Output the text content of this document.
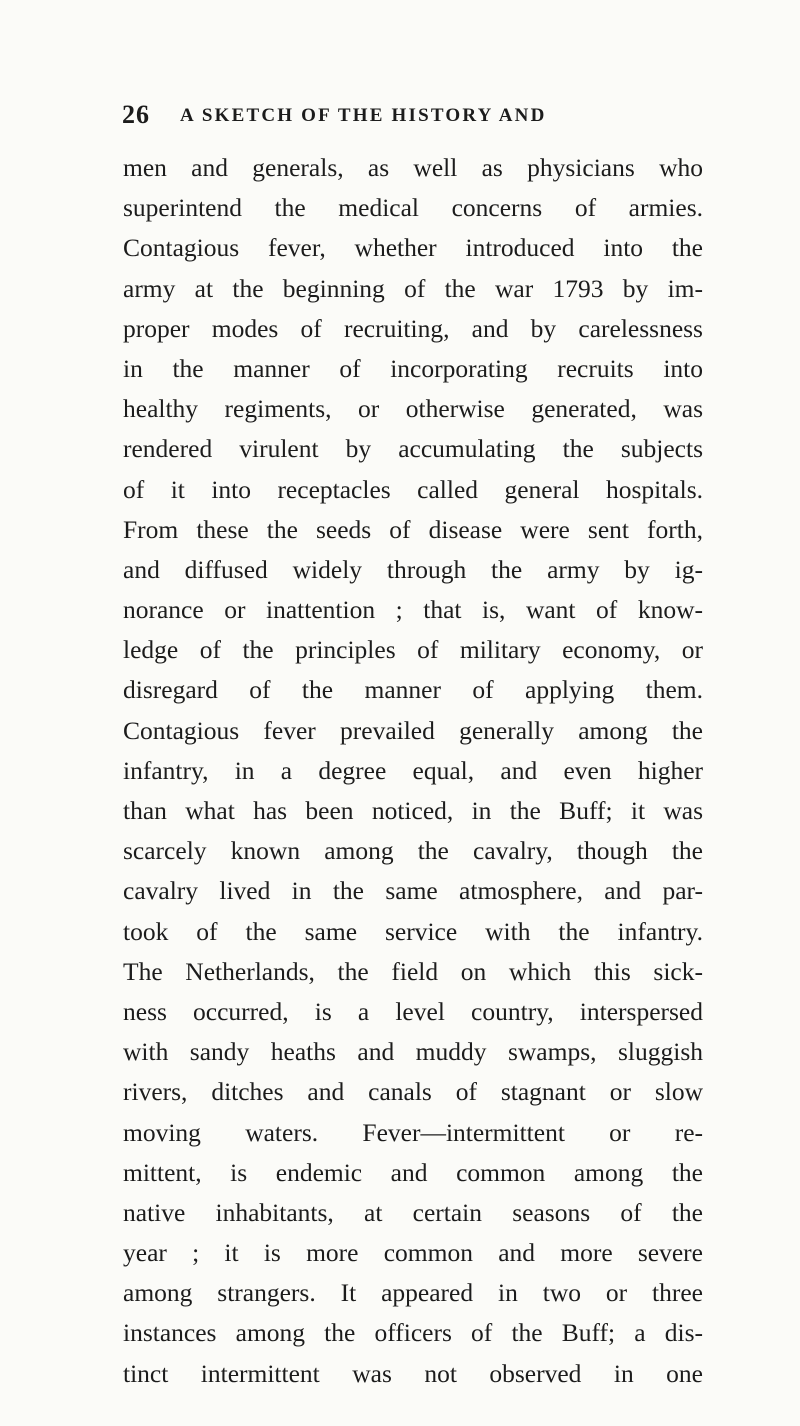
26 A SKETCH OF THE HISTORY AND
men and generals, as well as physicians who
superintend the medical concerns of armies.
Contagious fever, whether introduced into the
army at the beginning of the war 1793 by im-
proper modes of recruiting, and by carelessness
in the manner of incorporating recruits into
healthy regiments, or otherwise generated, was
rendered virulent by accumulating the subjects
of it into receptacles called general hospitals.
From these the seeds of disease were sent forth,
and diffused widely through the army by ig-
norance or inattention ; that is, want of know-
ledge of the principles of military economy, or
disregard of the manner of applying them.
Contagious fever prevailed generally among the
infantry, in a degree equal, and even higher
than what has been noticed, in the Buff; it was
scarcely known among the cavalry, though the
cavalry lived in the same atmosphere, and par-
took of the same service with the infantry.
The Netherlands, the field on which this sick-
ness occurred, is a level country, interspersed
with sandy heaths and muddy swamps, sluggish
rivers, ditches and canals of stagnant or slow
moving waters. Fever—intermittent or re-
mittent, is endemic and common among the
native inhabitants, at certain seasons of the
year ; it is more common and more severe
among strangers. It appeared in two or three
instances among the officers of the Buff; a dis-
tinct intermittent was not observed in one
